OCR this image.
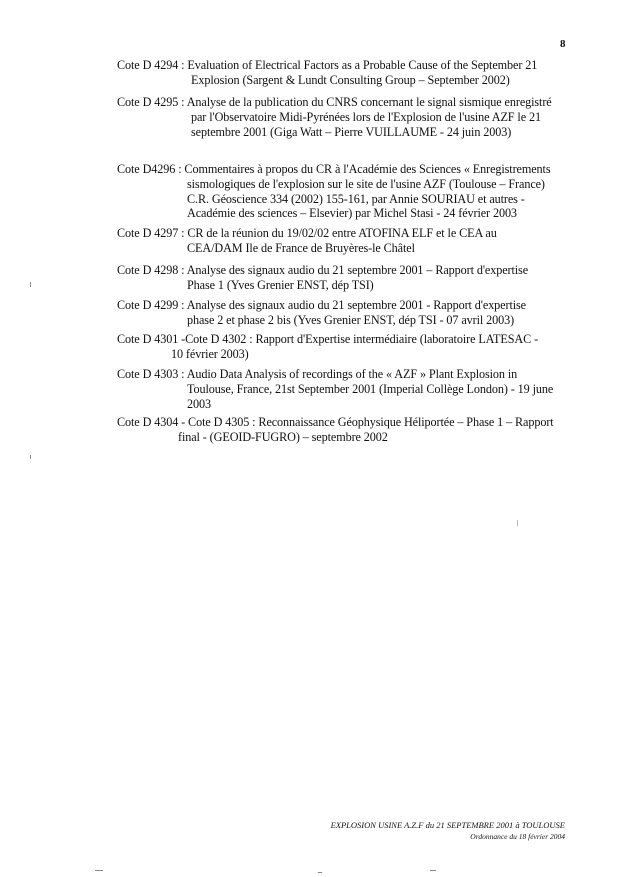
8
Cote D 4294 : Evaluation of Electrical Factors as a Probable Cause of the September 21
Explosion (Sargent & Lundt Consulting Group – September 2002)
Cote D 4295 : Analyse de la publication du CNRS concernant le signal sismique enregistré
par l'Observatoire Midi-Pyrénées lors de l'Explosion de l'usine AZF le 21
septembre 2001 (Giga Watt – Pierre VUILLAUME - 24 juin 2003)
Cote D4296 : Commentaires à propos du CR à l'Académie des Sciences « Enregistrements
sismologiques de l'explosion sur le site de l'usine AZF (Toulouse – France)
C.R. Géoscience 334 (2002) 155-161, par Annie SOURIAU et autres -
Académie des sciences – Elsevier) par Michel Stasi - 24 février 2003
Cote D 4297 : CR de la réunion du 19/02/02 entre ATOFINA ELF et le CEA au
CEA/DAM Ile de France de Bruyères-le Châtel
Cote D 4298 : Analyse des signaux audio du 21 septembre 2001 – Rapport d'expertise
Phase 1 (Yves Grenier ENST, dép TSI)
Cote D 4299 : Analyse des signaux audio du 21 septembre 2001 - Rapport d'expertise
phase 2 et phase 2 bis (Yves Grenier ENST, dép TSI - 07 avril 2003)
Cote D 4301 -Cote D 4302 : Rapport d'Expertise intermédiaire (laboratoire LATESAC -
10 février 2003)
Cote D 4303 : Audio Data Analysis of recordings of the « AZF » Plant Explosion in
Toulouse, France, 21st September 2001 (Imperial Collège London) - 19 june
2003
Cote D 4304 - Cote D 4305 : Reconnaissance Géophysique Héliportée – Phase 1 – Rapport
final - (GEOID-FUGRO) – septembre 2002
EXPLOSION USINE A.Z.F du 21 SEPTEMBRE 2001 à TOULOUSE
Ordonnance du 18 février 2004
